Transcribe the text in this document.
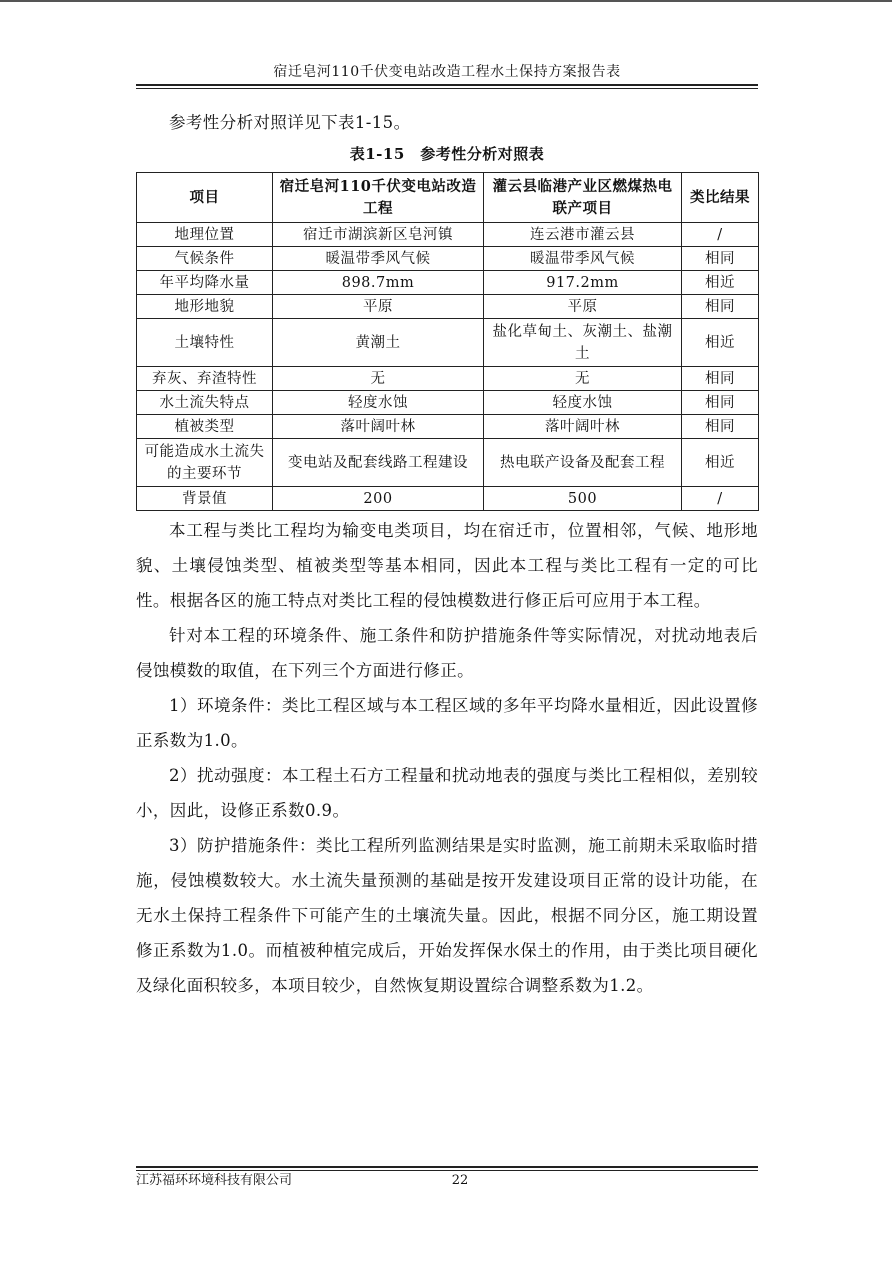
宿迁皂河110千伏变电站改造工程水土保持方案报告表

参考性分析对照详见下表1-15。

表1-15　参考性分析对照表
项目	宿迁皂河110千伏变电站改造工程	灌云县临港产业区燃煤热电联产项目	类比结果
地理位置	宿迁市湖滨新区皂河镇	连云港市灌云县	/
气候条件	暖温带季风气候	暖温带季风气候	相同
年平均降水量	898.7mm	917.2mm	相近
地形地貌	平原	平原	相同
土壤特性	黄潮土	盐化草甸土、灰潮土、盐潮土	相近
弃灰、弃渣特性	无	无	相同
水土流失特点	轻度水蚀	轻度水蚀	相同
植被类型	落叶阔叶林	落叶阔叶林	相同
可能造成水土流失的主要环节	变电站及配套线路工程建设	热电联产设备及配套工程	相近
背景值	200	500	/

本工程与类比工程均为输变电类项目，均在宿迁市，位置相邻，气候、地形地貌、土壤侵蚀类型、植被类型等基本相同，因此本工程与类比工程有一定的可比性。根据各区的施工特点对类比工程的侵蚀模数进行修正后可应用于本工程。

针对本工程的环境条件、施工条件和防护措施条件等实际情况，对扰动地表后侵蚀模数的取值，在下列三个方面进行修正。

1）环境条件：类比工程区域与本工程区域的多年平均降水量相近，因此设置修正系数为1.0。

2）扰动强度：本工程土石方工程量和扰动地表的强度与类比工程相似，差别较小，因此，设修正系数0.9。

3）防护措施条件：类比工程所列监测结果是实时监测，施工前期未采取临时措施，侵蚀模数较大。水土流失量预测的基础是按开发建设项目正常的设计功能，在无水土保持工程条件下可能产生的土壤流失量。因此，根据不同分区，施工期设置修正系数为1.0。而植被种植完成后，开始发挥保水保土的作用，由于类比项目硬化及绿化面积较多，本项目较少，自然恢复期设置综合调整系数为1.2。

江苏福环环境科技有限公司	22
